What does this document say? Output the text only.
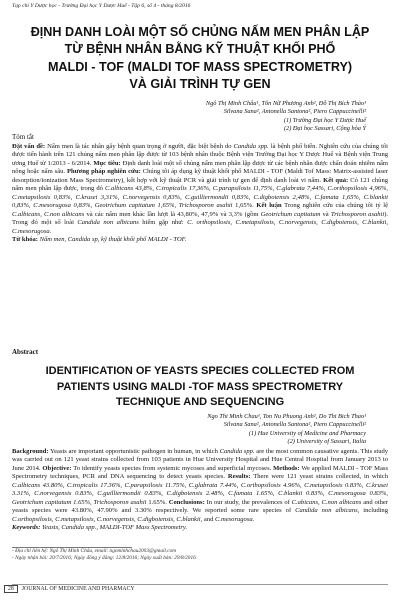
Tạp chí Y Dược học - Trường Đại học Y Dược Huế - Tập 6, số 4 - tháng 8/2016
ĐỊNH DANH LOÀI MỘT SỐ CHỦNG NẤM MEN PHÂN LẬP
TỪ BỆNH NHÂN BẰNG KỸ THUẬT KHỐI PHỔ
MALDI - TOF (MALDI TOF MASS SPECTROMETRY)
VÀ GIẢI TRÌNH TỰ GEN
Ngô Thị Minh Châu¹, Tôn Nữ Phương Anh², Đỗ Thị Bích Thảo¹
Silvana Sana², Antonella Santona², Piero Cappuccinelli²
(1) Trường Đại học Y Dược Huế
(2) Đại học Sassari, Cộng hòa Ý
Tóm tắt
Đặt vấn đề: Nấm men là tác nhân gây bệnh quan trọng ở người, đặc biệt bệnh do Candida spp. là bệnh phổ biến. Nghiên cứu của chúng tôi được tiến hành trên 121 chủng nấm men phân lập được từ 103 bệnh nhân thuộc Bệnh viện Trường Đại học Y Dược Huế và Bệnh viện Trung ương Huế từ 1/2013 - 6/2014. Mục tiêu: Định danh loài một số chủng nấm men phân lập được từ các bệnh nhân được chẩn đoán nhiễm nấm nông hoặc nấm sâu. Phương pháp nghiên cứu: Chúng tôi áp dụng kỹ thuật khối phổ MALDI - TOF (Maldi Tof Mass: Matrix-assisted laser desorption/ionization Mass Spectrometry), kết hợp với kỹ thuật PCR và giải trình tự gen để định danh loài vi nấm. Kết quả: Có 121 chủng nấm men phân lập được, trong đó C.albicans 43,8%, C.tropicalis 17,36%, C.parapsilosis 11,75%, C.glabrata 7,44%, C.orthopsilosis 4,96%, C.metapsilosis 0,83%, C.krusei 3,31%, C.norvegensis 0,83%, C.guilliermondii 0,83%, C.digboiensis 2,48%, C.famata 1,65%, C.blankii 0,83%, C.mesorugosa 0,83%, Geotrichum capitatum 1,65%, Trichosporon asahii 1,65%. Kết luận Trong nghiên cứu của chúng tôi tỷ lệ C.albicans, C.non albicans và các nấm men khác lần lượt là 43,80%, 47,9% và 3,3% (gồm Geotrichum capitatum và Trichosporon asahii). Trong đó một số loài Candida non albicans hiếm gặp như: C. orthopsilosis, C.metapsilosis, C.norvegensis, C.digboiensis, C.blankii, C.mesorugosa.
Từ khóa: Nấm men, Candida sp, kỹ thuật khối phổ MALDI - TOF.
Abstract
IDENTIFICATION OF YEASTS SPECIES COLLECTED FROM
PATIENTS USING MALDI -TOF MASS SPECTROMETRY
TECHNIQUE AND SEQUENCING
Ngo Thi Minh Chau¹, Ton Nu Phuong Anh², Do Thi Bich Thao¹
Silvana Sana², Antonella Santona², Piero Cappuccinelli²
(1) Hue University of Medicine and Pharmacy
(2) University of Sassari, Italia
Background: Yeasts are important opportunistic pathogen in human, in which Candida spp. are the most common causative agents. This study was carried out on 121 yeast strains collected from 103 patients in Hue University Hospital and Hue Central Hospital from January 2013 to June 2014. Objective: To identify yeasts species from systemic mycoses and superficial mycoses. Methods: We applied MALDI - TOF Mass Spectrometry techniques, PCR and DNA sequencing to detect yeasts species. Results: There were 121 yeast strains collected, in which C.albicans 43.80%, C.tropicalis 17.36%, C.parapsilosis 11.75%, C.glabrata 7.44%, C.orthopsilosis 4.96%, C.metapsilosis 0.83%, C.krusei 3.31%, C.norvegensis 0.83%, C.guilliermondii 0.83%, C.digboiensis 2.48%, C.famata 1.65%, C.blankii 0.83%, C.mesorugosa 0.83%, Geotrichum capitatum 1.65%, Trichosporon asahii 1.65%. Conclusions: In our study, the prevalences of C.abicans, C.non albicans and other yeasts species were 43.80%, 47.90% and 3.30% respectively. We reported some rare species of Candida non albicans, including C.orthopsilosis, C.metapsilosis, C.norvegensis, C.digboiensis, C.blankii, and C.mesorugosa.
Keywords: Yeasts, Candida spp., MALDI-TOF Mass Spectrometry.
- Địa chỉ liên hệ: Ngô Thị Minh Châu, email: ngominhchau2003@gmail.com
- Ngày nhận bài: 20/7/2016; Ngày đồng ý đăng: 12/8/2016; Ngày xuất bản: 29/8/2016
28 JOURNAL OF MEDICINE AND PHARMACY
